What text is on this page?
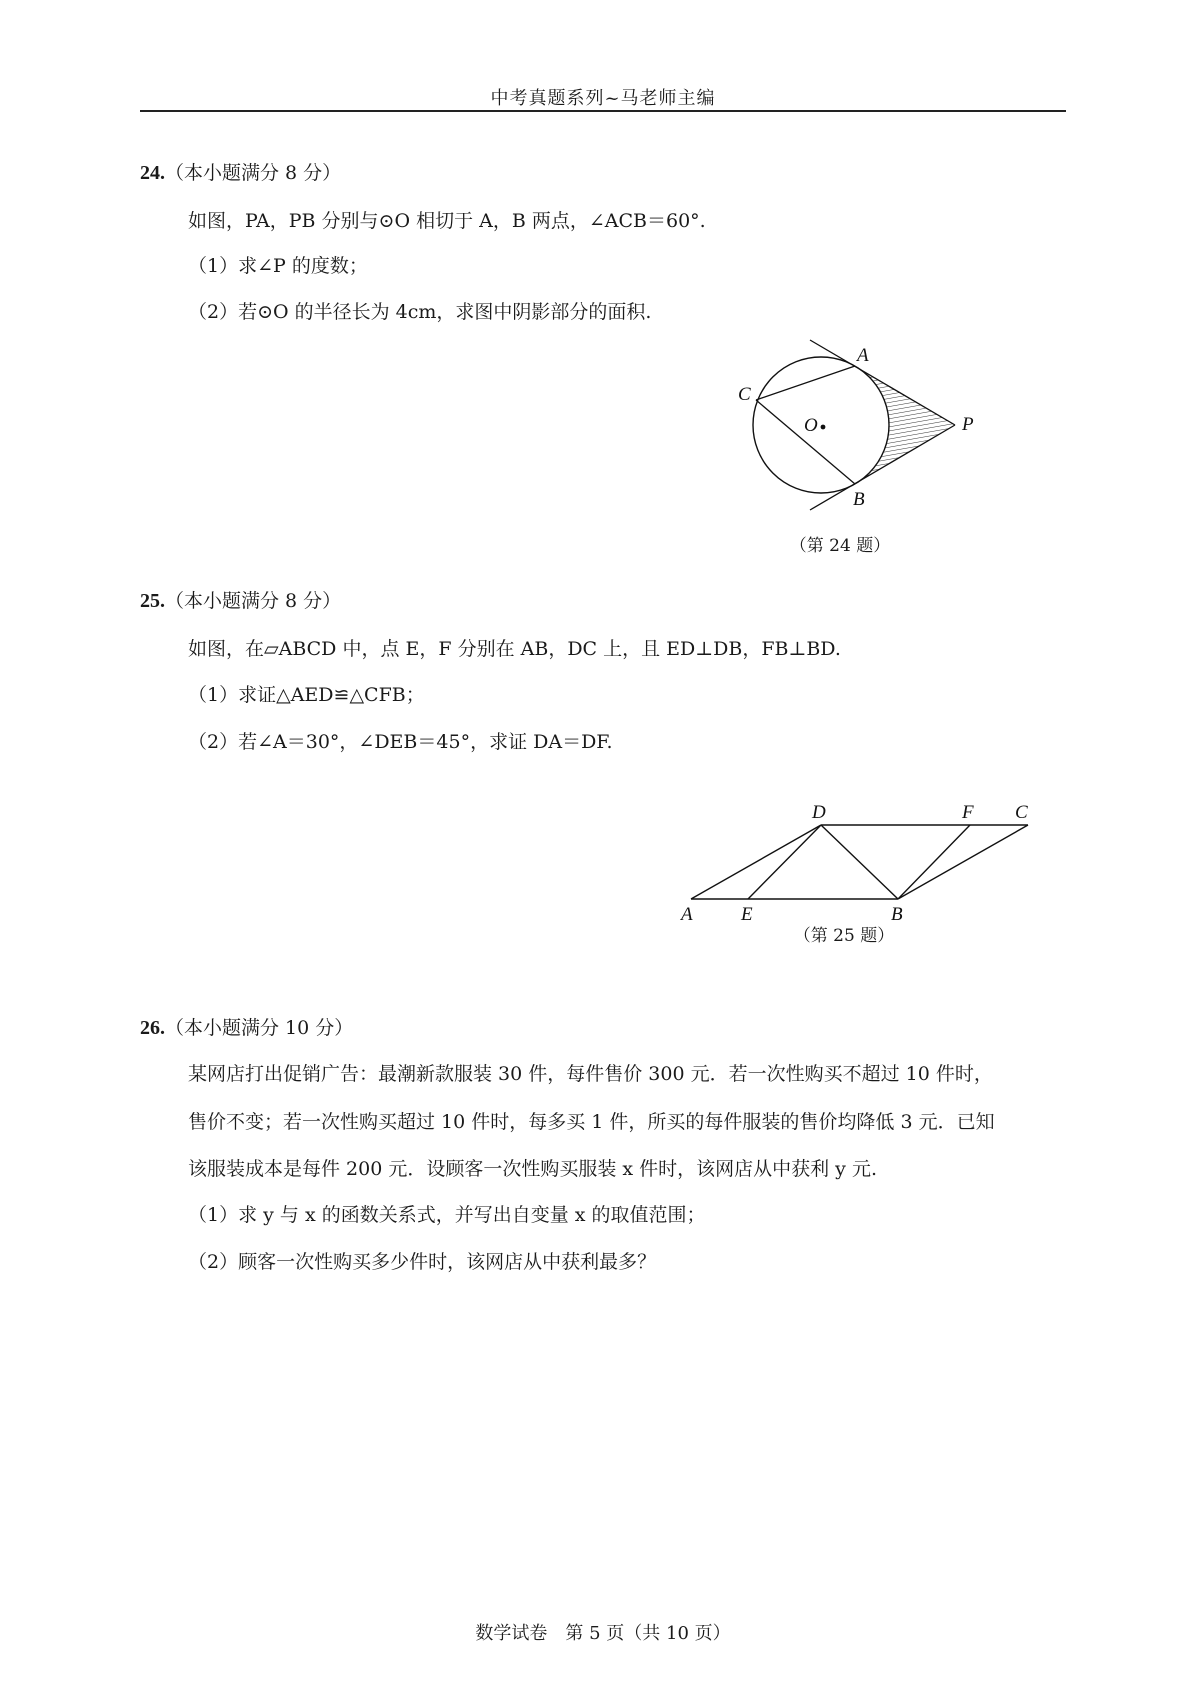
中考真题系列~马老师主编
24.（本小题满分 8 分）
如图，PA，PB 分别与⊙O 相切于 A，B 两点，∠ACB＝60°.
（1）求∠P 的度数；
（2）若⊙O 的半径长为 4cm，求图中阴影部分的面积.
A
B
C
O	P
（第 24 题）
25.（本小题满分 8 分）
如图，在▱ABCD 中，点 E，F 分别在 AB，DC 上，且 ED⊥DB，FB⊥BD.
（1）求证△AED≌△CFB；
（2）若∠A＝30°，∠DEB＝45°，求证 DA＝DF.
A	E	B
D	F C
（第 25 题）
26.（本小题满分 10 分）
某网店打出促销广告：最潮新款服装 30 件，每件售价 300 元．若一次性购买不超过 10 件时，
售价不变；若一次性购买超过 10 件时，每多买 1 件，所买的每件服装的售价均降低 3 元．已知
该服装成本是每件 200 元．设顾客一次性购买服装 x 件时，该网店从中获利 y 元.
（1）求 y 与 x 的函数关系式，并写出自变量 x 的取值范围；
（2）顾客一次性购买多少件时，该网店从中获利最多？
数学试卷　第 5 页（共 10 页）
